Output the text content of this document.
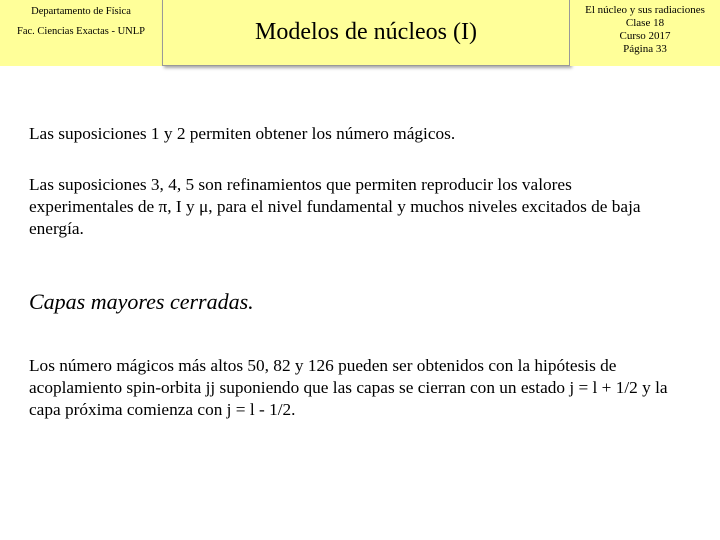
Departamento de Física
Fac. Ciencias Exactas - UNLP	Modelos de núcleos (I)
El núcleo y sus radiaciones
Clase 18
Curso 2017
Página 33
Las suposiciones 1 y 2 permiten obtener los número mágicos.
Las suposiciones 3, 4, 5 son refinamientos que permiten reproducir los valores experimentales de π, I y μ, para el nivel fundamental y muchos niveles excitados de baja energía.
Capas mayores cerradas.
Los número mágicos más altos 50, 82 y 126 pueden ser obtenidos con la hipótesis de acoplamiento spin-orbita jj suponiendo que las capas se cierran con un estado j = l + 1/2 y la capa próxima comienza con j = l - 1/2.
